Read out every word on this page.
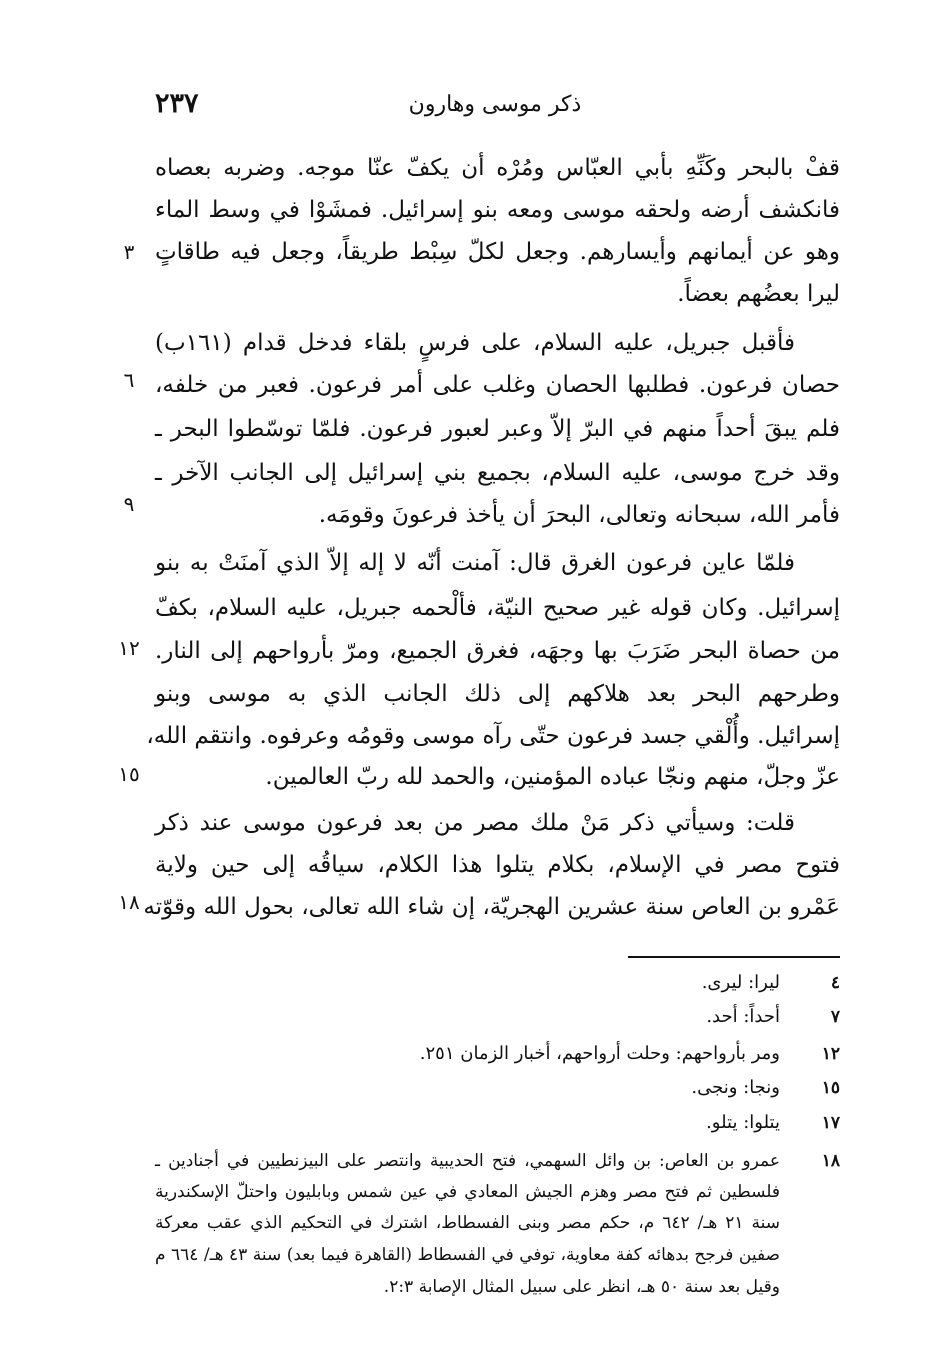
٢٣٧	ذكر موسى وهارون
قفْ بالبحر وكَنِّهِ بأبي العبّاس ومُرْه أن يكفّ عنّا موجه. وضربه بعصاه
فانكشف أرضه ولحقه موسى ومعه بنو إسرائيل. فمشَوْا في وسط الماء
وهو عن أيمانهم وأيسارهم. وجعل لكلّ سِبْط طريقاً، وجعل فيه طاقاتٍ
٣
ليرا بعضُهم بعضاً.
فأقبل جبريل، عليه السلام، على فرسٍ بلقاء فدخل قدام (١٦١ب)
حصان فرعون. فطلبها الحصان وغلب على أمر فرعون. فعبر من خلفه،
٦
فلم يبقَ أحداً منهم في البرّ إلاّ وعبر لعبور فرعون. فلمّا توسّطوا البحر ـ
وقد خرج موسى، عليه السلام، بجميع بني إسرائيل إلى الجانب الآخر ـ
فأمر الله، سبحانه وتعالى، البحرَ أن يأخذ فرعونَ وقومَه.
٩
فلمّا عاين فرعون الغرق قال: آمنت أنّه لا إله إلاّ الذي آمنَتْ به بنو
إسرائيل. وكان قوله غير صحيح النيّة، فألْحمه جبريل، عليه السلام، بكفّ
من حصاة البحر ضَرَبَ بها وجهَه، فغرق الجميع، ومرّ بأرواحهم إلى النار.
١٢
وطرحهم البحر بعد هلاكهم إلى ذلك الجانب الذي به موسى وبنو
إسرائيل. وأُلْقي جسد فرعون حتّى رآه موسى وقومُه وعرفوه. وانتقم الله،
عزّ وجلّ، منهم ونجّا عباده المؤمنين، والحمد لله ربّ العالمين.
١٥
قلت: وسيأتي ذكر مَنْ ملك مصر من بعد فرعون موسى عند ذكر
فتوح مصر في الإسلام، بكلام يتلوا هذا الكلام، سياقُه إلى حين ولاية
عَمْرو بن العاص سنة عشرين الهجريّة، إن شاء الله تعالى، بحول الله وقوّته
١٨
٤
ليرا: ليرى.
٧
أحداً: أحد.
١٢
ومر بأرواحهم: وحلت أرواحهم، أخبار الزمان ٢٥١.
١٥
ونجا: ونجى.
١٧
يتلوا: يتلو.
١٨
عمرو بن العاص: بن وائل السهمي، فتح الحديبية وانتصر على البيزنطيين في أجنادين ـ
فلسطين ثم فتح مصر وهزم الجيش المعادي في عين شمس وبابليون واحتلّ الإسكندرية
سنة ٢١ هـ/ ٦٤٢ م، حكم مصر وبنى الفسطاط، اشترك في التحكيم الذي عقب معركة
صفين فرجح بدهائه كفة معاوية، توفي في الفسطاط (القاهرة فيما بعد) سنة ٤٣ هـ/ ٦٦٤ م
وقيل بعد سنة ٥٠ هـ، انظر على سبيل المثال الإصابة ٢:٣.
